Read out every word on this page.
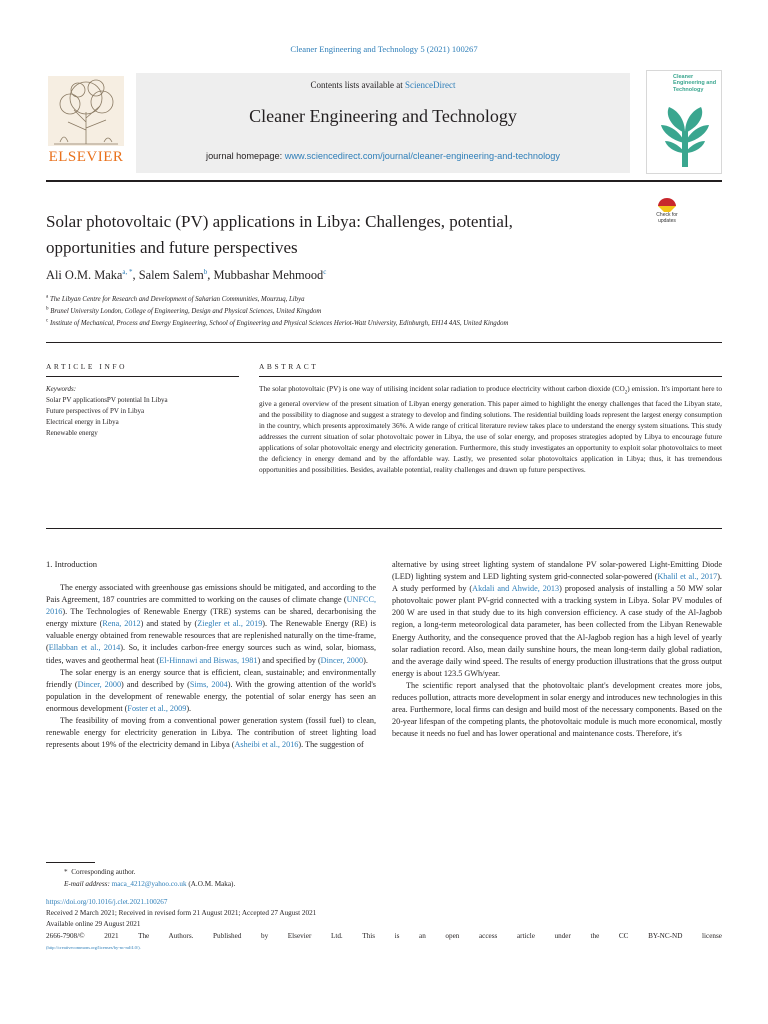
Cleaner Engineering and Technology 5 (2021) 100267
Contents lists available at ScienceDirect
Cleaner Engineering and Technology
journal homepage: www.sciencedirect.com/journal/cleaner-engineering-and-technology
ELSEVIER
Cleaner Engineering and Technology
Solar photovoltaic (PV) applications in Libya: Challenges, potential,
opportunities and future perspectives
Check for
updates
Ali O.M. Maka$^{a, *}$, Salem Salem$^b$, Mubbashar Mehmood$^c$
$^a$ The Libyan Centre for Research and Development of Saharian Communities, Mourzuq, Libya
$^b$ Brunel University London, College of Engineering, Design and Physical Sciences, United Kingdom
$^c$ Institute of Mechanical, Process and Energy Engineering, School of Engineering and Physical Sciences Heriot-Watt University, Edinburgh, EH14 4AS, United Kingdom
ARTICLE INFO	ABSTRACT
Keywords:
Solar PV applicationsPV potential In Libya
Future perspectives of PV in Libya
Electrical energy in Libya
Renewable energy
The solar photovoltaic (PV) is one way of utilising incident solar radiation to produce electricity without carbon dioxide $(CO_2)$ emission. It's important here to give a general overview of the present situation of Libyan energy generation. This paper aimed to highlight the energy challenges that faced the Libyan state, and the possibility to diagnose and suggest a strategy to develop and finding solutions. The residential building loads represent the largest energy consumption in the country, which presents approximately 36%. A wide range of critical literature review takes place to understand the energy system situations. This study addresses the current situation of solar photovoltaic power in Libya, the use of solar energy, and proposes strategies adopted by Libya to encourage future applications of solar photovoltaic energy and electricity generation. Furthermore, this study investigates an opportunity to exploit solar photovoltaics to meet the deficiency in energy demand and by the affordable way. Lastly, we presented solar photovoltaics application in Libya; thus, it has tremendous opportunities and possibilities. Besides, available potential, reality challenges and drawn up future perspectives.
1. Introduction

The energy associated with greenhouse gas emissions should be mitigated, and according to the Pais Agreement, 187 countries are committed to working on the causes of climate change (UNFCC, 2016). The Technologies of Renewable Energy (TRE) systems can be shared, decarbonising the energy mixture (Rena, 2012) and stated by (Ziegler et al., 2019). The Renewable Energy (RE) is valuable energy obtained from renewable resources that are replenished naturally on the time-frame, (Ellabban et al., 2014). So, it includes carbon-free energy sources such as wind, solar, biomass, tides, waves and geothermal heat (El-Hinnawi and Biswas, 1981) and specified by (Dincer, 2000).

The solar energy is an energy source that is efficient, clean, sustainable; and environmentally friendly (Dincer, 2000) and described by (Sims, 2004). With the growing attention of the world's population in the development of renewable energy, the potential of solar energy has seen an enormous development (Foster et al., 2009).

The feasibility of moving from a conventional power generation system (fossil fuel) to clean, renewable energy for electricity generation in Libya. The contribution of street lighting load represents about 19% of the electricity demand in Libya (Asheibi et al., 2016). The suggestion of

alternative by using street lighting system of standalone PV solar-powered Light-Emitting Diode (LED) lighting system and LED lighting system grid-connected solar-powered (Khalil et al., 2017). A study performed by (Akdali and Ahwide, 2013) proposed analysis of installing a 50 MW solar photovoltaic power plant PV-grid connected with a tracking system in Libya. Solar PV modules of 200 W are used in that study due to its high conversion efficiency. A case study of the Al-Jagbob region, a long-term meteorological data parameter, has been collected from the Libyan Renewable Energy Authority, and the consequence proved that the Al-Jagbob region has a high level of yearly solar radiation record. Also, mean daily sunshine hours, the mean long-term daily global radiation, and the average daily wind speed. The results of energy production illustrations that the gross output energy is about 123.5 GWh/year.

The scientific report analysed that the photovoltaic plant's development creates more jobs, reduces pollution, attracts more development in solar energy and introduces new technologies in this area. Furthermore, local firms can design and build most of the necessary components. Based on the 20-year lifespan of the competing plants, the photovoltaic module is much more economical, mostly because it needs no fuel and has lower operational and maintenance costs. Therefore, it's

* Corresponding author.
E-mail address: maca_4212@yahoo.co.uk (A.O.M. Maka).
https://doi.org/10.1016/j.clet.2021.100267
Received 2 March 2021; Received in revised form 21 August 2021; Accepted 27 August 2021
Available online 29 August 2021
2666-7908/© 2021 The Authors. Published by Elsevier Ltd. This is an open access article under the CC BY-NC-ND license
(http://creativecommons.org/licenses/by-nc-nd/4.0/).
